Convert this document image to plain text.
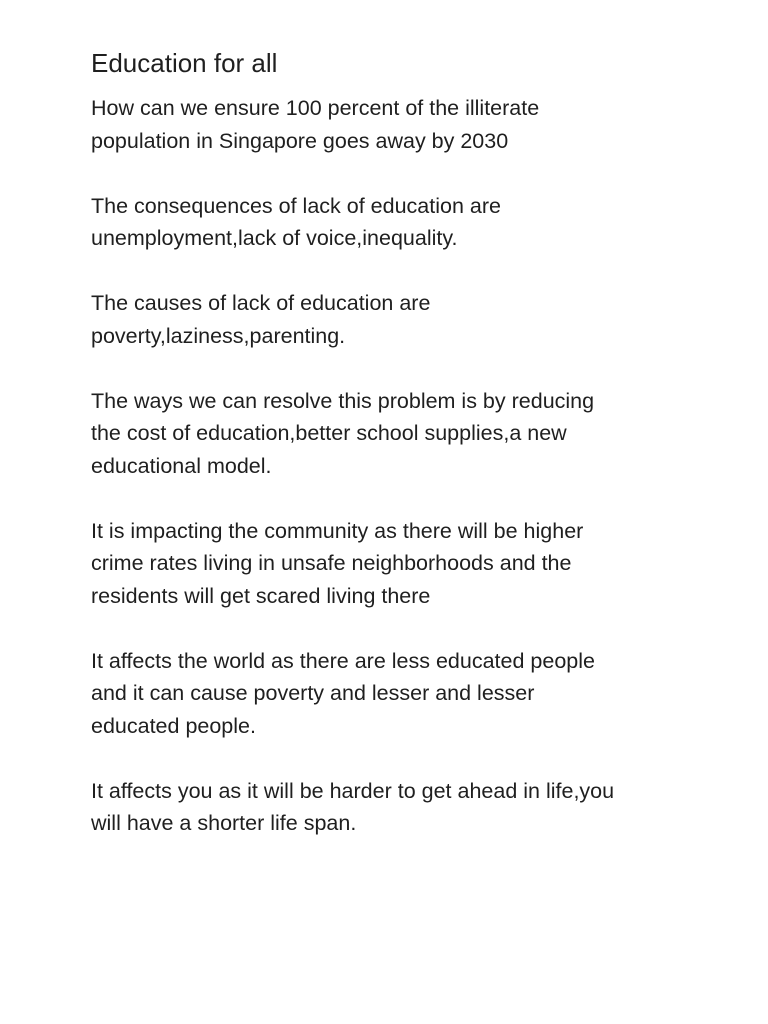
Education for all
How can we ensure 100 percent of the illiterate
population in Singapore goes away by 2030
The consequences of lack of education are
unemployment,lack of voice,inequality.
The causes of lack of education are
poverty,laziness,parenting.
The ways we can resolve this problem is by reducing
the cost of education,better school supplies,a new
educational model.
It is impacting the community as there will be higher
crime rates living in unsafe neighborhoods and the
residents will get scared living there
It affects the world as there are less educated people
and it can cause poverty and lesser and lesser
educated people.
It affects you as it will be harder to get ahead in life,you
will have a shorter life span.
